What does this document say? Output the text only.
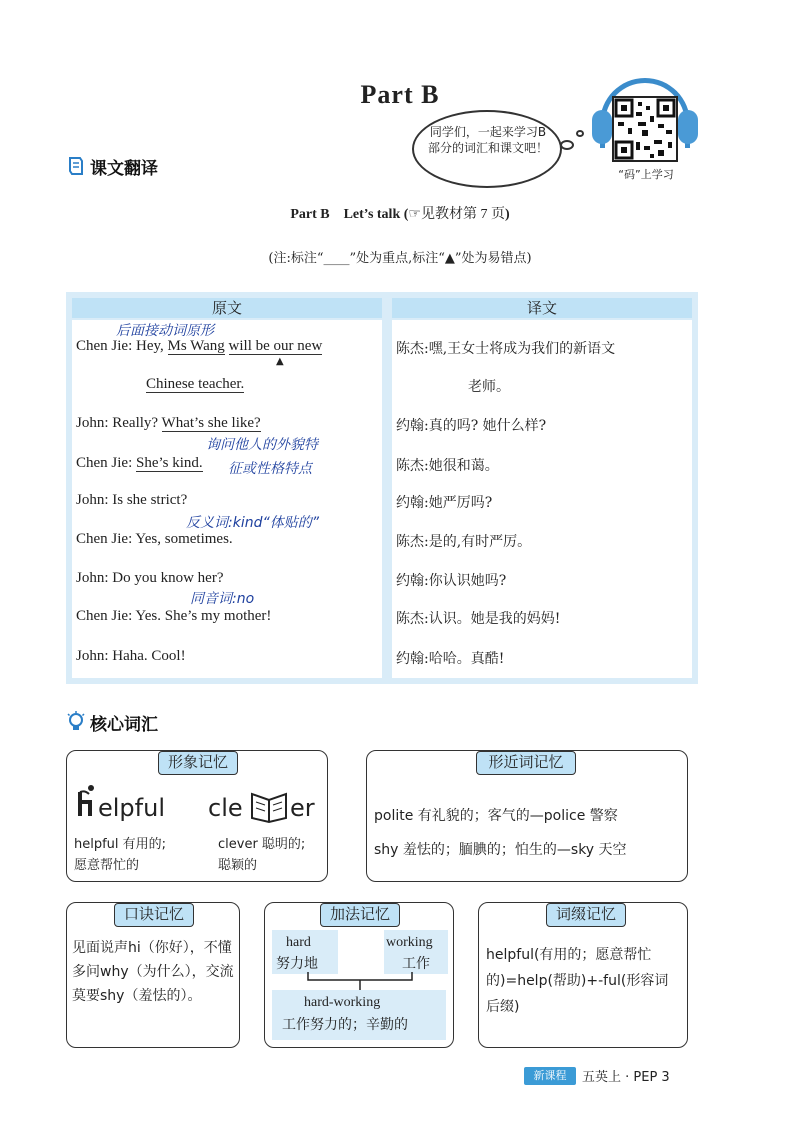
Part B
同学们，一起来学习B部分的词汇和课文吧！
“码”上学习
课文翻译
Part B Let’s talk (☞见教材第 7 页)
(注:标注“____”处为重点,标注“▲”处为易错点)
原文	译文
后面接动词原形
Chen Jie: Hey, Ms Wang will be our new
▲
Chinese teacher.
John: Really? What’s she like?
询问他人的外貌特
Chen Jie: She’s kind. 征或性格特点
John: Is she strict?
反义词:kind“体贴的”
Chen Jie: Yes, sometimes.
John: Do you know her?
同音词:no
Chen Jie: Yes. She’s my mother!
John: Haha. Cool!
陈杰:嘿,王女士将成为我们的新语文
老师。
约翰:真的吗? 她什么样?
陈杰:她很和蔼。
约翰:她严厉吗?
陈杰:是的,有时严厉。
约翰:你认识她吗?
陈杰:认识。她是我的妈妈!
约翰:哈哈。真酷!
核心词汇
形象记忆
elpful
helpful 有用的;
愿意帮忙的
cle er
clever 聪明的;
聪颖的
形近词记忆
polite 有礼貌的；客气的—police 警察
shy 羞怯的；腼腆的；怕生的—sky 天空
口诀记忆
见面说声hi（你好），不懂多问why（为什么），交流莫要shy（羞怯的）。
加法记忆
hard
努力地
working
工作
hard-working
工作努力的；辛勤的
词缀记忆
helpful(有用的；愿意帮忙的)=help(帮助)+-ful(形容词后缀)
新课程	五英上 · PEP 3
